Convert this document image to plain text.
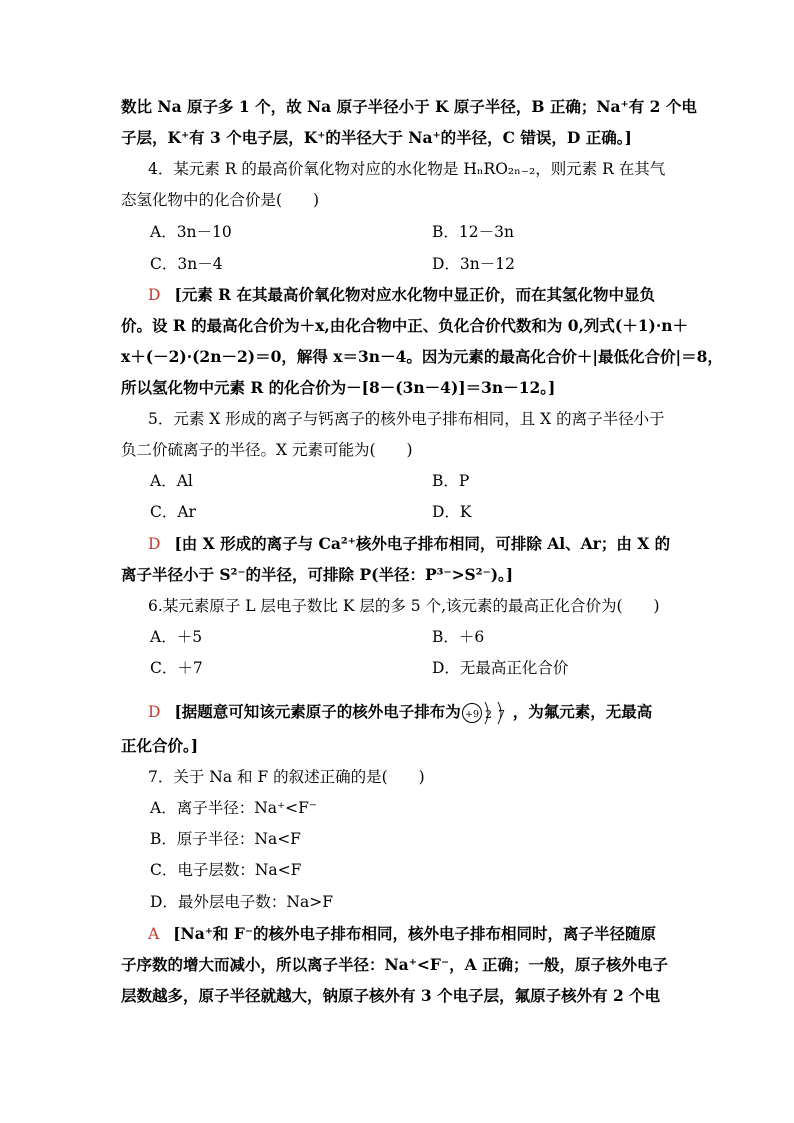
数比 Na 原子多 1 个，故 Na 原子半径小于 K 原子半径，B 正确；Na⁺有 2 个电
子层，K⁺有 3 个电子层，K⁺的半径大于 Na⁺的半径，C 错误，D 正确。]
4．某元素 R 的最高价氧化物对应的水化物是 HₙRO₂ₙ₋₂，则元素 R 在其气
态氢化物中的化合价是(　　)
A．3n－10	B．12－3n
C．3n－4	D．3n－12
D [元素 R 在其最高价氧化物对应水化物中显正价，而在其氢化物中显负
价。设 R 的最高化合价为＋x,由化合物中正、负化合价代数和为 0,列式(＋1)·n＋
x＋(－2)·(2n－2)＝0，解得 x＝3n－4。因为元素的最高化合价＋|最低化合价|＝8，
所以氢化物中元素 R 的化合价为－[8－(3n－4)]＝3n－12。]
5．元素 X 形成的离子与钙离子的核外电子排布相同，且 X 的离子半径小于
负二价硫离子的半径。X 元素可能为(　　)
A．Al	B．P
C．Ar	D．K
D [由 X 形成的离子与 Ca²⁺核外电子排布相同，可排除 Al、Ar；由 X 的
离子半径小于 S²⁻的半径，可排除 P(半径：P³⁻>S²⁻)。]
6.某元素原子 L 层电子数比 K 层的多 5 个,该元素的最高正化合价为(　　)
A．＋5	B．＋6
C．＋7	D．无最高正化合价
D [据题意可知该元素原子的核外电子排布为 +9 2 7 ，为氟元素，无最高
正化合价。]
7．关于 Na 和 F 的叙述正确的是(　　)
A．离子半径：Na⁺<F⁻
B．原子半径：Na<F
C．电子层数：Na<F
D．最外层电子数：Na>F
A [Na⁺和 F⁻的核外电子排布相同，核外电子排布相同时，离子半径随原
子序数的增大而减小，所以离子半径：Na⁺<F⁻，A 正确；一般，原子核外电子
层数越多，原子半径就越大，钠原子核外有 3 个电子层，氟原子核外有 2 个电
